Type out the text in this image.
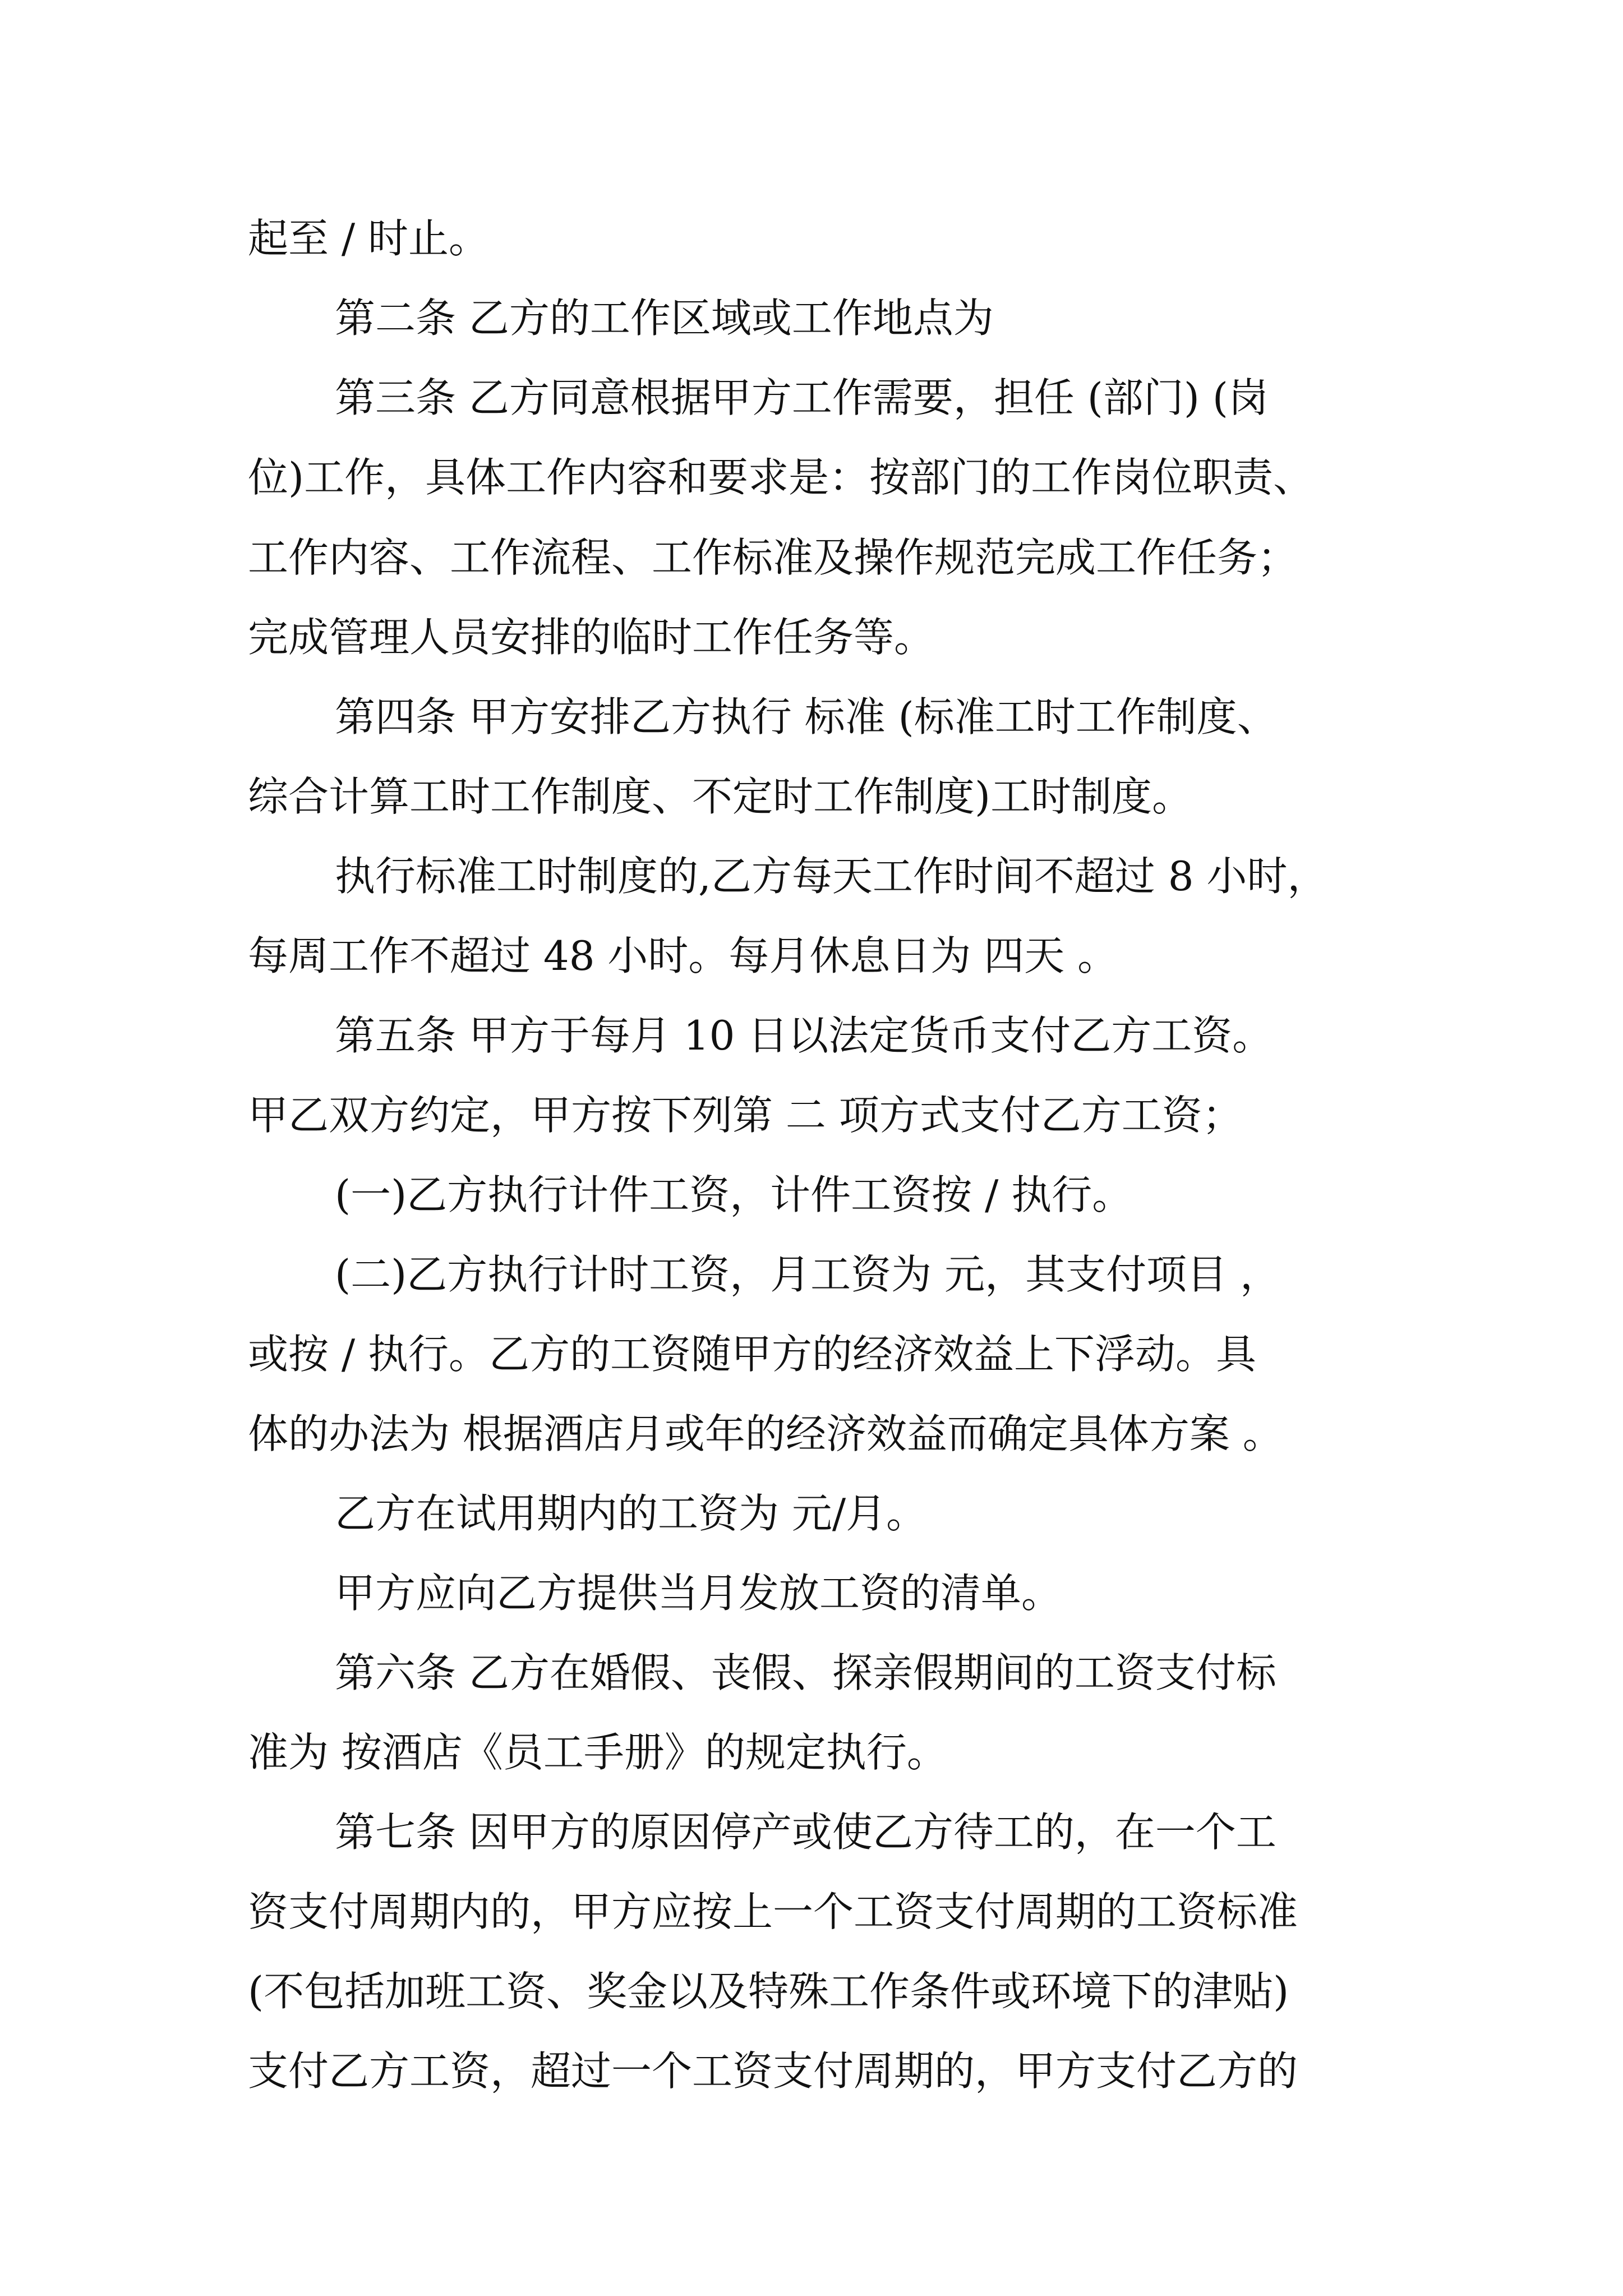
起至 / 时止。

第二条 乙方的工作区域或工作地点为

第三条 乙方同意根据甲方工作需要，担任 (部门) (岗

位)工作，具体工作内容和要求是：按部门的工作岗位职责、

工作内容、工作流程、工作标准及操作规范完成工作任务；

完成管理人员安排的临时工作任务等。

第四条 甲方安排乙方执行 标准 (标准工时工作制度、

综合计算工时工作制度、不定时工作制度)工时制度。

执行标准工时制度的,乙方每天工作时间不超过 8 小时，

每周工作不超过 48 小时。每月休息日为 四天 。

第五条 甲方于每月 10 日以法定货币支付乙方工资。

甲乙双方约定，甲方按下列第 二 项方式支付乙方工资；

(一)乙方执行计件工资，计件工资按 / 执行。

(二)乙方执行计时工资，月工资为 元，其支付项目 ，

或按 / 执行。乙方的工资随甲方的经济效益上下浮动。具

体的办法为 根据酒店月或年的经济效益而确定具体方案 。

乙方在试用期内的工资为 元/月。

甲方应向乙方提供当月发放工资的清单。

第六条 乙方在婚假、丧假、探亲假期间的工资支付标

准为 按酒店《员工手册》的规定执行。

第七条 因甲方的原因停产或使乙方待工的，在一个工

资支付周期内的，甲方应按上一个工资支付周期的工资标准

(不包括加班工资、奖金以及特殊工作条件或环境下的津贴)

支付乙方工资，超过一个工资支付周期的，甲方支付乙方的
